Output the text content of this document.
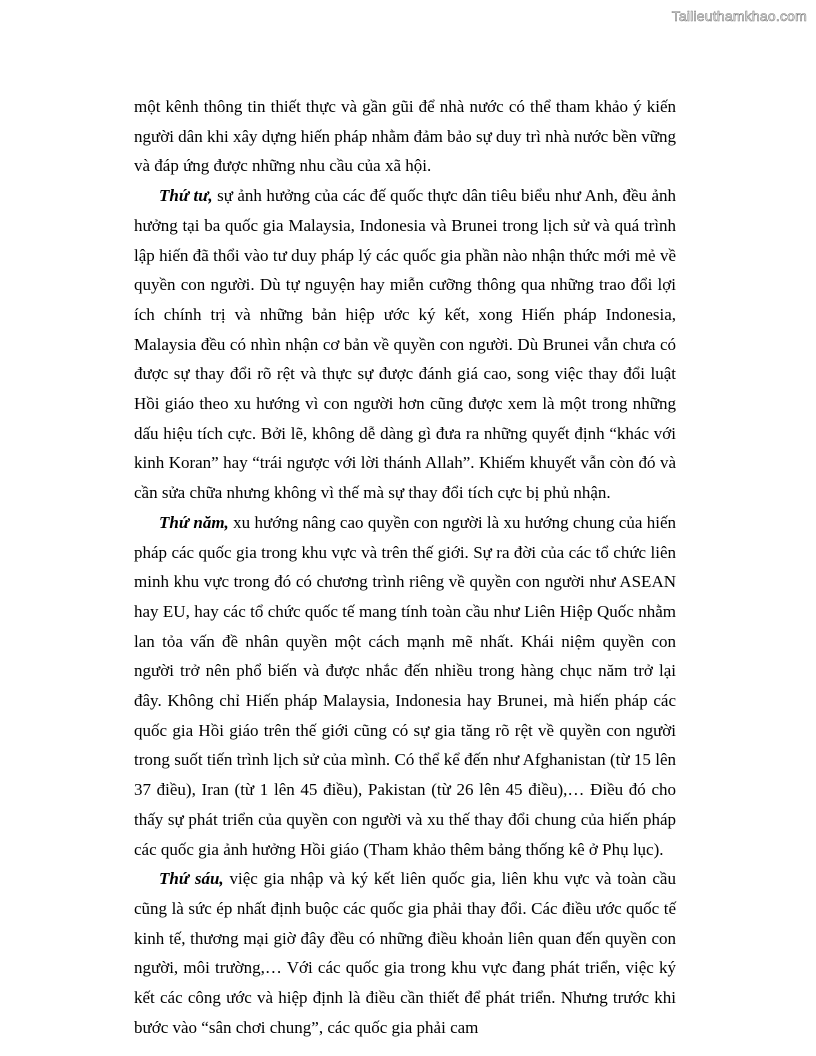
Tailieuthamkhao.com

một kênh thông tin thiết thực và gần gũi để nhà nước có thể tham khảo ý kiến người dân khi xây dựng hiến pháp nhằm đảm bảo sự duy trì nhà nước bền vững và đáp ứng được những nhu cầu của xã hội.

Thứ tư, sự ảnh hưởng của các đế quốc thực dân tiêu biểu như Anh, đều ảnh hưởng tại ba quốc gia Malaysia, Indonesia và Brunei trong lịch sử và quá trình lập hiến đã thổi vào tư duy pháp lý các quốc gia phần nào nhận thức mới mẻ về quyền con người. Dù tự nguyện hay miễn cưỡng thông qua những trao đổi lợi ích chính trị và những bản hiệp ước ký kết, xong Hiến pháp Indonesia, Malaysia đều có nhìn nhận cơ bản về quyền con người. Dù Brunei vẫn chưa có được sự thay đổi rõ rệt và thực sự được đánh giá cao, song việc thay đổi luật Hồi giáo theo xu hướng vì con người hơn cũng được xem là một trong những dấu hiệu tích cực. Bởi lẽ, không dễ dàng gì đưa ra những quyết định “khác với kinh Koran” hay “trái ngược với lời thánh Allah”. Khiếm khuyết vẫn còn đó và cần sửa chữa nhưng không vì thế mà sự thay đổi tích cực bị phủ nhận.

Thứ năm, xu hướng nâng cao quyền con người là xu hướng chung của hiến pháp các quốc gia trong khu vực và trên thế giới. Sự ra đời của các tổ chức liên minh khu vực trong đó có chương trình riêng về quyền con người như ASEAN hay EU, hay các tổ chức quốc tế mang tính toàn cầu như Liên Hiệp Quốc nhằm lan tỏa vấn đề nhân quyền một cách mạnh mẽ nhất. Khái niệm quyền con người trở nên phổ biến và được nhắc đến nhiều trong hàng chục năm trở lại đây. Không chỉ Hiến pháp Malaysia, Indonesia hay Brunei, mà hiến pháp các quốc gia Hồi giáo trên thế giới cũng có sự gia tăng rõ rệt về quyền con người trong suốt tiến trình lịch sử của mình. Có thể kể đến như Afghanistan (từ 15 lên 37 điều), Iran (từ 1 lên 45 điều), Pakistan (từ 26 lên 45 điều),… Điều đó cho thấy sự phát triển của quyền con người và xu thế thay đổi chung của hiến pháp các quốc gia ảnh hưởng Hồi giáo (Tham khảo thêm bảng thống kê ở Phụ lục).

Thứ sáu, việc gia nhập và ký kết liên quốc gia, liên khu vực và toàn cầu cũng là sức ép nhất định buộc các quốc gia phải thay đổi. Các điều ước quốc tế kinh tế, thương mại giờ đây đều có những điều khoản liên quan đến quyền con người, môi trường,… Với các quốc gia trong khu vực đang phát triển, việc ký kết các công ước và hiệp định là điều cần thiết để phát triển. Nhưng trước khi bước vào “sân chơi chung”, các quốc gia phải cam
